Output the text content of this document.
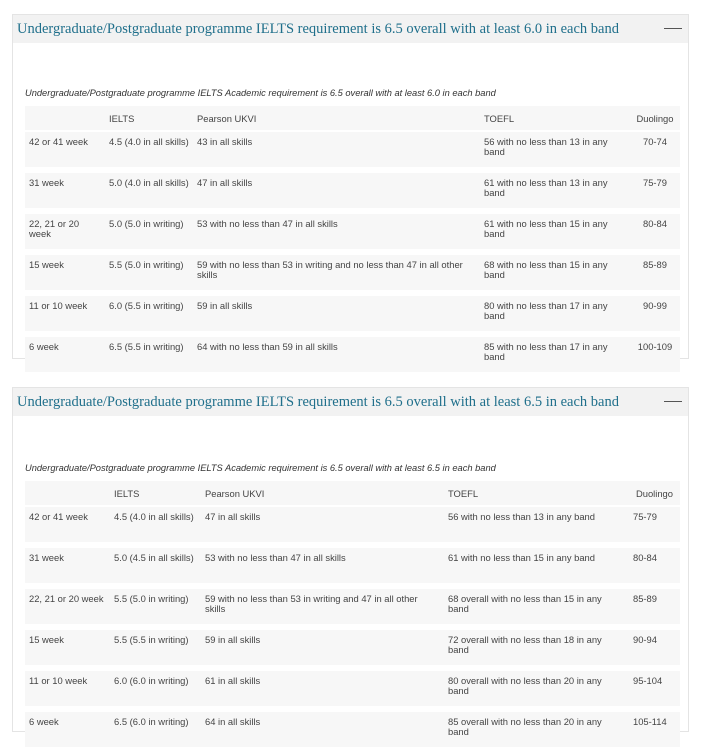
Undergraduate/Postgraduate programme IELTS requirement is 6.5 overall with at least 6.0 in each band
Undergraduate/Postgraduate programme IELTS Academic requirement is 6.5 overall with at least 6.0 in each band
	IELTS	Pearson UKVI	TOEFL	Duolingo
42 or 41 week	4.5 (4.0 in all skills)	43 in all skills	56 with no less than 13 in any band	70-74
31 week	5.0 (4.0 in all skills)	47 in all skills	61 with no less than 13 in any band	75-79
22, 21 or 20 week	5.0 (5.0 in writing)	53 with no less than 47 in all skills	61 with no less than 15 in any band	80-84
15 week	5.5 (5.0 in writing)	59 with no less than 53 in writing and no less than 47 in all other skills	68 with no less than 15 in any band	85-89
11 or 10 week	6.0 (5.5 in writing)	59 in all skills	80 with no less than 17 in any band	90-99
6 week	6.5 (5.5 in writing)	64 with no less than 59 in all skills	85 with no less than 17 in any band	100-109
Undergraduate/Postgraduate programme IELTS requirement is 6.5 overall with at least 6.5 in each band
Undergraduate/Postgraduate programme IELTS Academic requirement is 6.5 overall with at least 6.5 in each band
	IELTS	Pearson UKVI	TOEFL	Duolingo
42 or 41 week	4.5 (4.0 in all skills)	47 in all skills	56 with no less than 13 in any band	75-79
31 week	5.0 (4.5 in all skills)	53 with no less than 47 in all skills	61 with no less than 15 in any band	80-84
22, 21 or 20 week	5.5 (5.0 in writing)	59 with no less than 53 in writing and 47 in all other skills	68 overall with no less than 15 in any band	85-89
15 week	5.5 (5.5 in writing)	59 in all skills	72 overall with no less than 18 in any band	90-94
11 or 10 week	6.0 (6.0 in writing)	61 in all skills	80 overall with no less than 20 in any band	95-104
6 week	6.5 (6.0 in writing)	64 in all skills	85 overall with no less than 20 in any band	105-114
